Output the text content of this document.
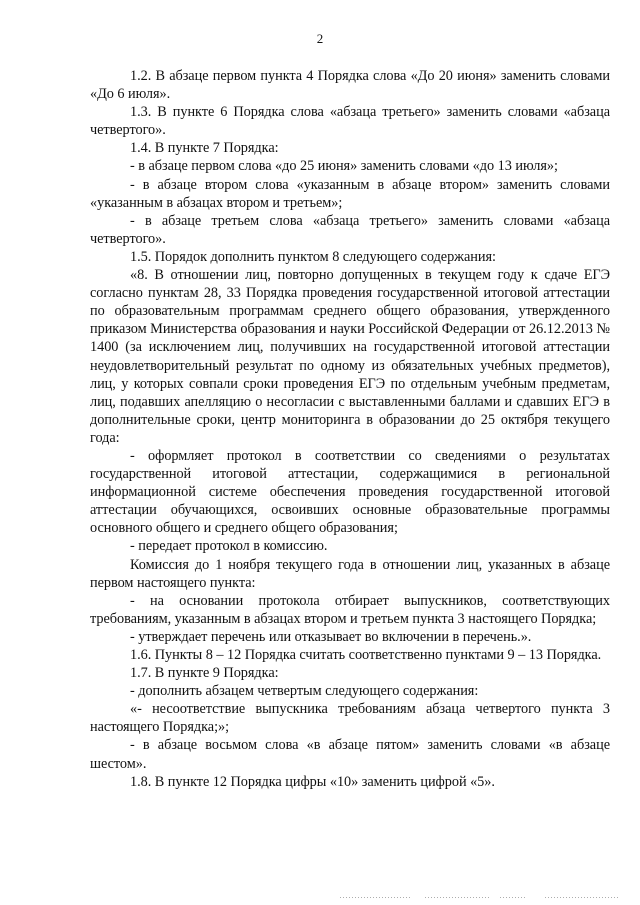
2

1.2. В абзаце первом пункта 4 Порядка слова «До 20 июня» заменить словами «До 6 июля».

1.3. В пункте 6 Порядка слова «абзаца третьего» заменить словами «абзаца четвертого».

1.4. В пункте 7 Порядка:

- в абзаце первом слова «до 25 июня» заменить словами «до 13 июля»;

- в абзаце втором слова «указанным в абзаце втором» заменить словами «указанным в абзацах втором и третьем»;

- в абзаце третьем слова «абзаца третьего» заменить словами «абзаца четвертого».

1.5. Порядок дополнить пунктом 8 следующего содержания:

«8. В отношении лиц, повторно допущенных в текущем году к сдаче ЕГЭ согласно пунктам 28, 33 Порядка проведения государственной итоговой аттестации по образовательным программам среднего общего образования, утвержденного приказом Министерства образования и науки Российской Федерации от 26.12.2013 № 1400 (за исключением лиц, получивших на государственной итоговой аттестации неудовлетворительный результат по одному из обязательных учебных предметов), лиц, у которых совпали сроки проведения ЕГЭ по отдельным учебным предметам, лиц, подавших апелляцию о несогласии с выставленными баллами и сдавших ЕГЭ в дополнительные сроки, центр мониторинга в образовании до 25 октября текущего года:

- оформляет протокол в соответствии со сведениями о результатах государственной итоговой аттестации, содержащимися в региональной информационной системе обеспечения проведения государственной итоговой аттестации обучающихся, освоивших основные образовательные программы основного общего и среднего общего образования;

- передает протокол в комиссию.

Комиссия до 1 ноября текущего года в отношении лиц, указанных в абзаце первом настоящего пункта:

- на основании протокола отбирает выпускников, соответствующих требованиям, указанным в абзацах втором и третьем пункта 3 настоящего Порядка;

- утверждает перечень или отказывает во включении в перечень.».

1.6. Пункты 8 – 12 Порядка считать соответственно пунктами 9 – 13 Порядка.

1.7. В пункте 9 Порядка:

- дополнить абзацем четвертым следующего содержания:

«- несоответствие выпускника требованиям абзаца четвертого пункта 3 настоящего Порядка;»;

- в абзаце восьмом слова «в абзаце пятом» заменить словами «в абзаце шестом».

1.8. В пункте 12 Порядка цифры «10» заменить цифрой «5».
